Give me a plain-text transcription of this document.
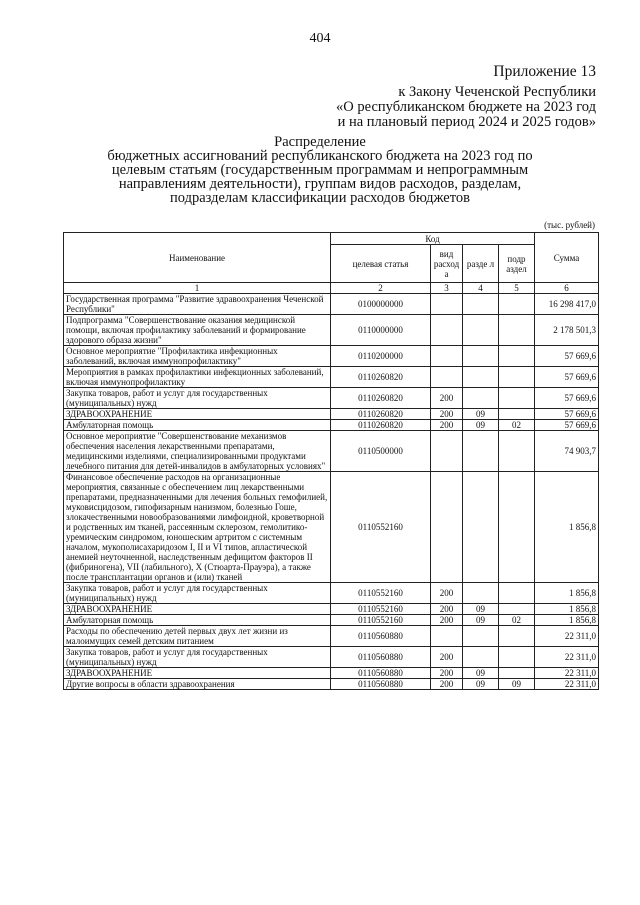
404
Приложение 13
к Закону Чеченской Республики
«О республиканском бюджете на 2023 год
и на плановый период 2024 и 2025 годов»
Распределение
бюджетных ассигнований республиканского бюджета на 2023 год по
целевым статьям (государственным программам и непрограммным
направлениям деятельности), группам видов расходов, разделам,
подразделам классификации расходов бюджетов
(тыс. рублей)
Наименование	Код				Сумма
	целевая статья	вид расход а	разде л	подр аздел	
1	2	3	4	5	6
Государственная программа "Развитие здравоохранения Чеченской Республики"	0100000000				16 298 417,0
Подпрограмма "Совершенствование оказания медицинской помощи, включая профилактику заболеваний и формирование здорового образа жизни"	0110000000				2 178 501,3
Основное мероприятие "Профилактика инфекционных заболеваний, включая иммунопрофилактику"	0110200000				57 669,6
Мероприятия в рамках профилактики инфекционных заболеваний, включая иммунопрофилактику	0110260820				57 669,6
Закупка товаров, работ и услуг для государственных (муниципальных) нужд	0110260820	200			57 669,6
ЗДРАВООХРАНЕНИЕ	0110260820	200	09		57 669,6
Амбулаторная помощь	0110260820	200	09	02	57 669,6
Основное мероприятие "Совершенствование механизмов обеспечения населения лекарственными препаратами, медицинскими изделиями, специализированными продуктами лечебного питания для детей-инвалидов в амбулаторных условиях"	0110500000				74 903,7
Финансовое обеспечение расходов на организационные мероприятия, связанные с обеспечением лиц лекарственными препаратами, предназначенными для лечения больных гемофилией, муковисцидозом, гипофизарным нанизмом, болезнью Гоше, злокачественными новообразованиями лимфоидной, кроветворной и родственных им тканей, рассеянным склерозом, гемолитико-уремическим синдромом, юношеским артритом с системным началом, мукополисахаридозом I, II и VI типов, апластической анемией неуточненной, наследственным дефицитом факторов II (фибриногена), VII (лабильного), X (Стюарта-Прауэра), а также после трансплантации органов и (или) тканей	0110552160				1 856,8
Закупка товаров, работ и услуг для государственных (муниципальных) нужд	0110552160	200			1 856,8
ЗДРАВООХРАНЕНИЕ	0110552160	200	09		1 856,8
Амбулаторная помощь	0110552160	200	09	02	1 856,8
Расходы по обеспечению детей первых двух лет жизни из малоимущих семей детским питанием	0110560880				22 311,0
Закупка товаров, работ и услуг для государственных (муниципальных) нужд	0110560880	200			22 311,0
ЗДРАВООХРАНЕНИЕ	0110560880	200	09		22 311,0
Другие вопросы в области здравоохранения	0110560880	200	09	09	22 311,0
